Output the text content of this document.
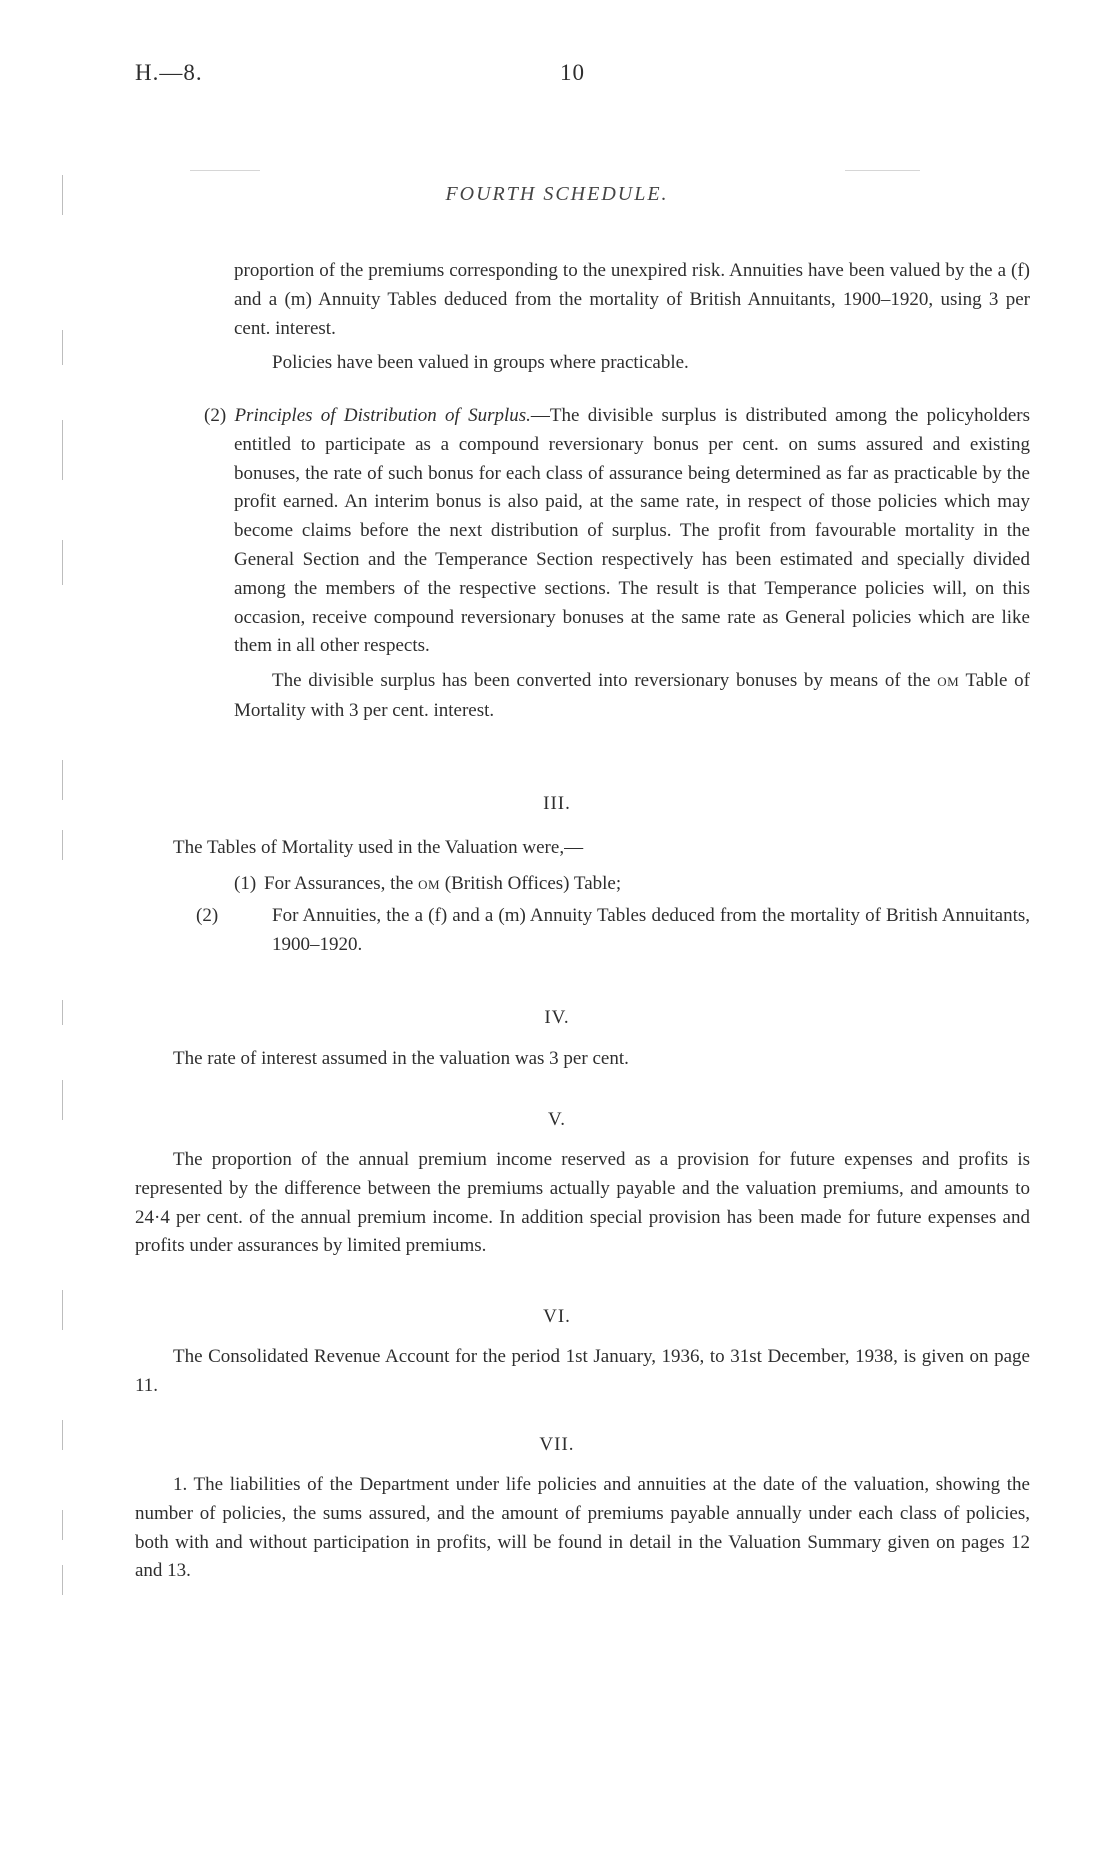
H.—8.	10
FOURTH SCHEDULE.

proportion of the premiums corresponding to the unexpired risk. Annuities have been valued by the a (f) and a (m) Annuity Tables deduced from the mortality of British Annuitants, 1900–1920, using 3 per cent. interest.

Policies have been valued in groups where practicable.

(2) Principles of Distribution of Surplus.—The divisible surplus is distributed among the policyholders entitled to participate as a compound reversionary bonus per cent. on sums assured and existing bonuses, the rate of such bonus for each class of assurance being determined as far as practicable by the profit earned. An interim bonus is also paid, at the same rate, in respect of those policies which may become claims before the next distribution of surplus. The profit from favourable mortality in the General Section and the Temperance Section respectively has been estimated and specially divided among the members of the respective sections. The result is that Temperance policies will, on this occasion, receive compound reversionary bonuses at the same rate as General policies which are like them in all other respects.

The divisible surplus has been converted into reversionary bonuses by means of the OM Table of Mortality with 3 per cent. interest.

III.
The Tables of Mortality used in the Valuation were,—
(1) For Assurances, the OM (British Offices) Table;
(2)	For Annuities, the a (f) and a (m) Annuity Tables deduced from the mortality of British Annuitants, 1900–1920.
IV.
The rate of interest assumed in the valuation was 3 per cent.
V.
The proportion of the annual premium income reserved as a provision for future expenses and profits is represented by the difference between the premiums actually payable and the valuation premiums, and amounts to 24·4 per cent. of the annual premium income. In addition special provision has been made for future expenses and profits under assurances by limited premiums.
VI.
The Consolidated Revenue Account for the period 1st January, 1936, to 31st December, 1938, is given on page 11.
VII.
1. The liabilities of the Department under life policies and annuities at the date of the valuation, showing the number of policies, the sums assured, and the amount of premiums payable annually under each class of policies, both with and without participation in profits, will be found in detail in the Valuation Summary given on pages 12 and 13.
